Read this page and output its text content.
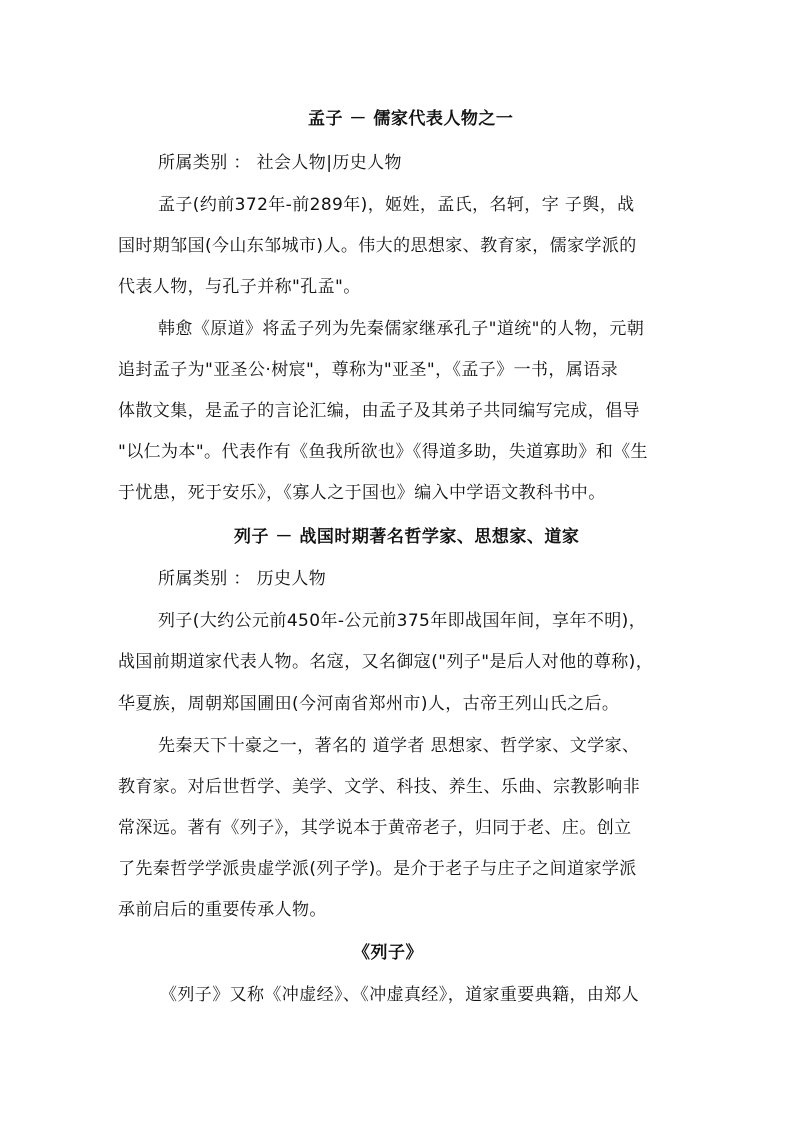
孟子 － 儒家代表人物之一
所属类别 ： 社会人物|历史人物
孟子(约前372年-前289年)，姬姓，孟氏，名轲，字 子舆，战
国时期邹国(今山东邹城市)人。伟大的思想家、教育家，儒家学派的
代表人物，与孔子并称"孔孟"。
韩愈《原道》将孟子列为先秦儒家继承孔子"道统"的人物，元朝
追封孟子为"亚圣公·树宸"，尊称为"亚圣"，《孟子》一书，属语录
体散文集，是孟子的言论汇编，由孟子及其弟子共同编写完成，倡导
"以仁为本"。代表作有《鱼我所欲也》《得道多助，失道寡助》和《生
于忧患，死于安乐》，《寡人之于国也》编入中学语文教科书中。
列子 － 战国时期著名哲学家、思想家、道家
所属类别 ： 历史人物
列子(大约公元前450年-公元前375年即战国年间，享年不明)，
战国前期道家代表人物。名寇，又名御寇("列子"是后人对他的尊称)，
华夏族，周朝郑国圃田(今河南省郑州市)人，古帝王列山氏之后。
先秦天下十豪之一，著名的 道学者 思想家、哲学家、文学家、
教育家。对后世哲学、美学、文学、科技、养生、乐曲、宗教影响非
常深远。著有《列子》，其学说本于黄帝老子，归同于老、庄。创立
了先秦哲学学派贵虚学派(列子学)。是介于老子与庄子之间道家学派
承前启后的重要传承人物。
《列子》
《列子》又称《冲虚经》、《冲虚真经》，道家重要典籍，由郑人
